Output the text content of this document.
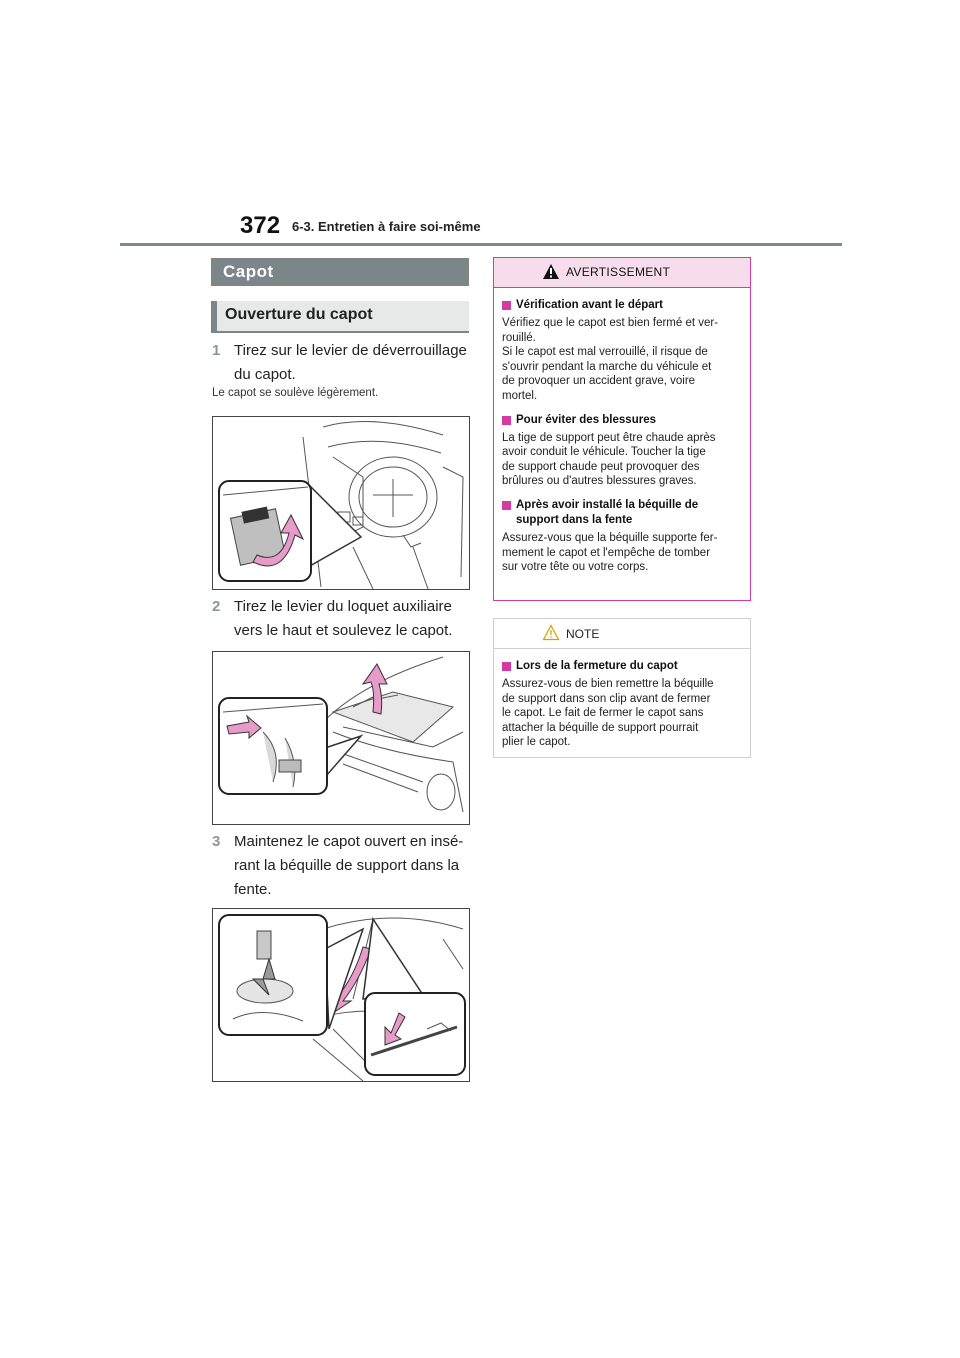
372 6-3. Entretien à faire soi-même
Capot
Ouverture du capot
1 Tirez sur le levier de déverrouillage du capot.
Le capot se soulève légèrement.
2 Tirez le levier du loquet auxiliaire vers le haut et soulevez le capot.
3 Maintenez le capot ouvert en insé- rant la béquille de support dans la fente.
AVERTISSEMENT
Vérification avant le départ
Vérifiez que le capot est bien fermé et ver-
rouillé.
Si le capot est mal verrouillé, il risque de
s'ouvrir pendant la marche du véhicule et
de provoquer un accident grave, voire
mortel.
Pour éviter des blessures
La tige de support peut être chaude après
avoir conduit le véhicule. Toucher la tige
de support chaude peut provoquer des
brûlures ou d'autres blessures graves.
Après avoir installé la béquille de support dans la fente
Assurez-vous que la béquille supporte fer-
mement le capot et l'empêche de tomber
sur votre tête ou votre corps.
NOTE
Lors de la fermeture du capot
Assurez-vous de bien remettre la béquille
de support dans son clip avant de fermer
le capot. Le fait de fermer le capot sans
attacher la béquille de support pourrait
plier le capot.
